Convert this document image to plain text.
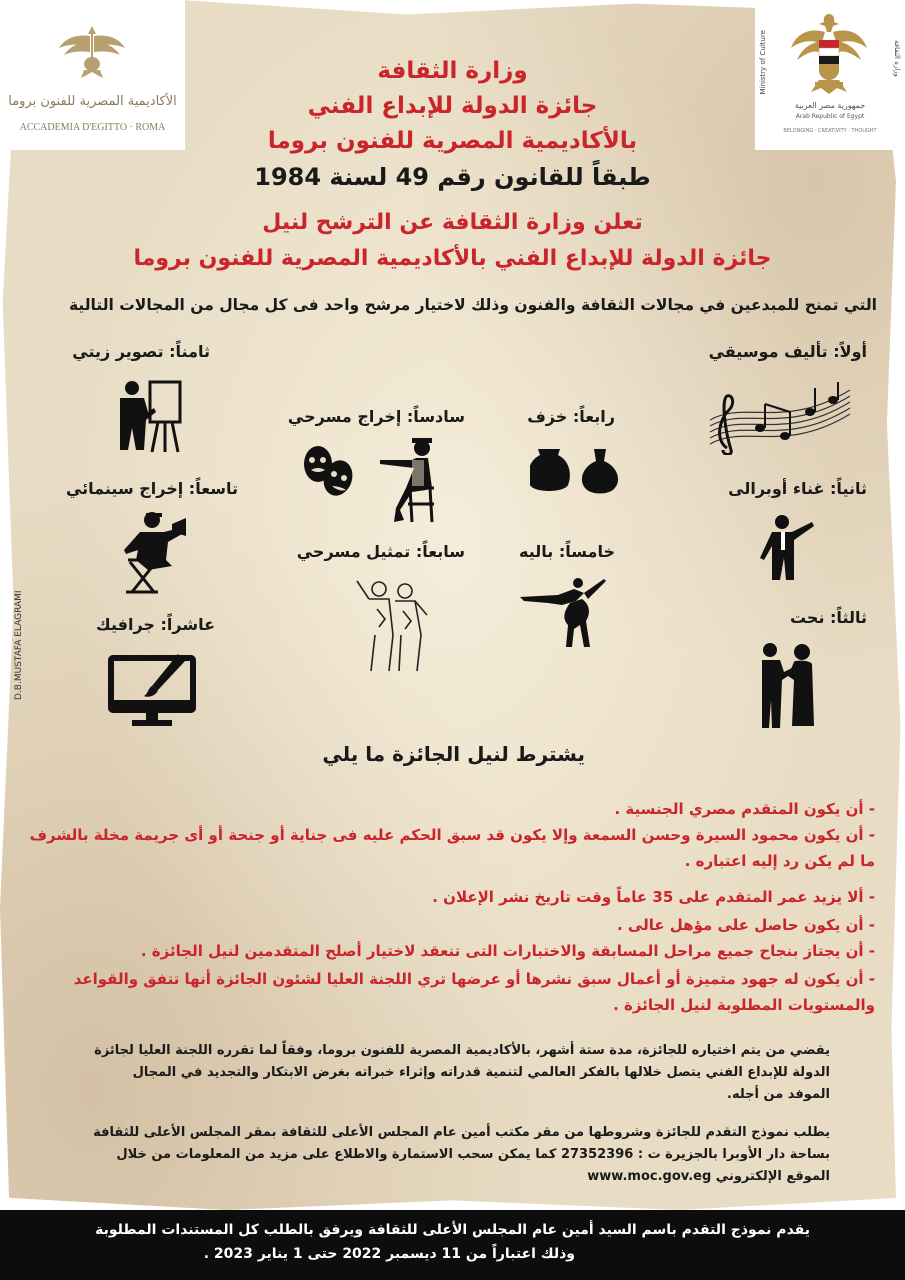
الأكاديمية المصرية للفنون بروما
ACCADEMIA D'EGITTO · ROMA
وزارة الثقافة
Ministry of Culture
جمهورية مصر العربية
Arab Republic of Egypt
BELONGING · CREATIVITY · THOUGHT
وزارة الثقافة
جائزة الدولة للإبداع الفني
بالأكاديمية المصرية للفنون بروما
طبقاً للقانون رقم 49 لسنة 1984
تعلن وزارة الثقافة عن الترشح لنيل
جائزة الدولة للإبداع الفني بالأكاديمية المصرية للفنون بروما
التي تمنح للمبدعين في مجالات الثقافة والفنون وذلك لاختيار مرشح واحد فى كل مجال من المجالات التالية
أولاً: تأليف موسيقي
ثانياً: غناء أوبرالى
ثالثاً: نحت
رابعاً: خزف
خامساً: باليه
سادساً: إخراج مسرحي
سابعاً: تمثيل مسرحي
ثامناً: تصوير زيتي
تاسعاً: إخراج سينمائي
عاشراً: جرافيك
D.B.MUSTAFA ELAGRAMI
يشترط لنيل الجائزة ما يلي
- أن يكون المتقدم مصري الجنسية .
- أن يكون محمود السيرة وحسن السمعة وإلا يكون قد سبق الحكم عليه فى جناية أو جنحة أو أى جريمة مخلة بالشرف ما لم يكن رد إليه اعتباره .
- ألا يزيد عمر المتقدم على 35 عاماً وقت تاريخ نشر الإعلان .
- أن يكون حاصل على مؤهل عالى .
- أن يجتاز بنجاح جميع مراحل المسابقة والاختبارات التى تنعقد لاختيار أصلح المتقدمين لنيل الجائزة .
- أن يكون له جهود متميزة أو أعمال سبق نشرها أو عرضها تري اللجنة العليا لشئون الجائزة أنها تتفق والقواعد والمستويات المطلوبة لنيل الجائزة .
يقضي من يتم اختياره للجائزة، مدة ستة أشهر، بالأكاديمية المصرية للفنون بروما، وفقاً لما تقرره اللجنة العليا لجائزة الدولة للإبداع الفني يتصل خلالها بالفكر العالمي لتنمية قدراته وإثراء خبراته بغرض الابتكار والتجديد في المجال الموفد من أجله.
يطلب نموذج التقدم للجائزة وشروطها من مقر مكتب أمين عام المجلس الأعلى للثقافة بمقر المجلس الأعلى للثقافة بساحة دار الأوبرا بالجزيرة ت : 27352396 كما يمكن سحب الاستمارة والاطلاع على مزيد من المعلومات من خلال الموقع الإلكتروني www.moc.gov.eg
يقدم نموذج التقدم باسم السيد أمين عام المجلس الأعلى للثقافة ويرفق بالطلب كل المستندات المطلوبة
وذلك اعتباراً من 11 ديسمبر 2022 حتى 1 يناير 2023 .
